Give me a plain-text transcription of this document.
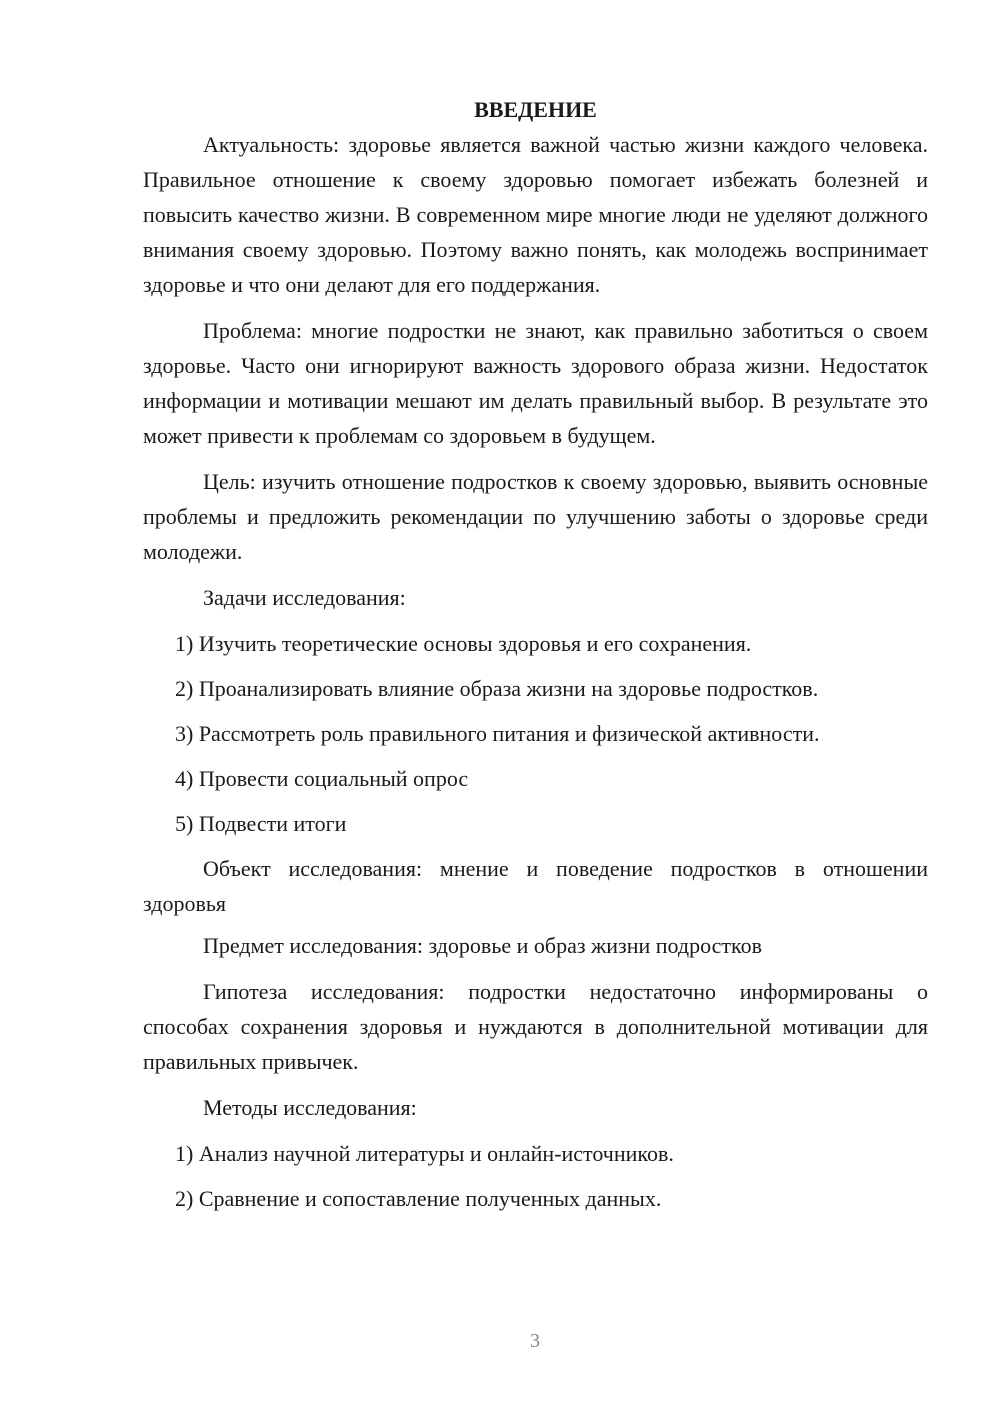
ВВЕДЕНИЕ

Актуальность: здоровье является важной частью жизни каждого человека. Правильное отношение к своему здоровью помогает избежать болезней и повысить качество жизни. В современном мире многие люди не уделяют должного внимания своему здоровью. Поэтому важно понять, как молодежь воспринимает здоровье и что они делают для его поддержания.

Проблема: многие подростки не знают, как правильно заботиться о своем здоровье. Часто они игнорируют важность здорового образа жизни. Недостаток информации и мотивации мешают им делать правильный выбор. В результате это может привести к проблемам со здоровьем в будущем.

Цель: изучить отношение подростков к своему здоровью, выявить основные проблемы и предложить рекомендации по улучшению заботы о здоровье среди молодежи.

Задачи исследования:

1) Изучить теоретические основы здоровья и его сохранения.
2) Проанализировать влияние образа жизни на здоровье подростков.
3) Рассмотреть роль правильного питания и физической активности.
4) Провести социальный опрос
5) Подвести итоги

Объект исследования: мнение и поведение подростков в отношении здоровья

Предмет исследования: здоровье и образ жизни подростков

Гипотеза исследования: подростки недостаточно информированы о способах сохранения здоровья и нуждаются в дополнительной мотивации для правильных привычек.

Методы исследования:

1) Анализ научной литературы и онлайн-источников.
2) Сравнение и сопоставление полученных данных.
3
